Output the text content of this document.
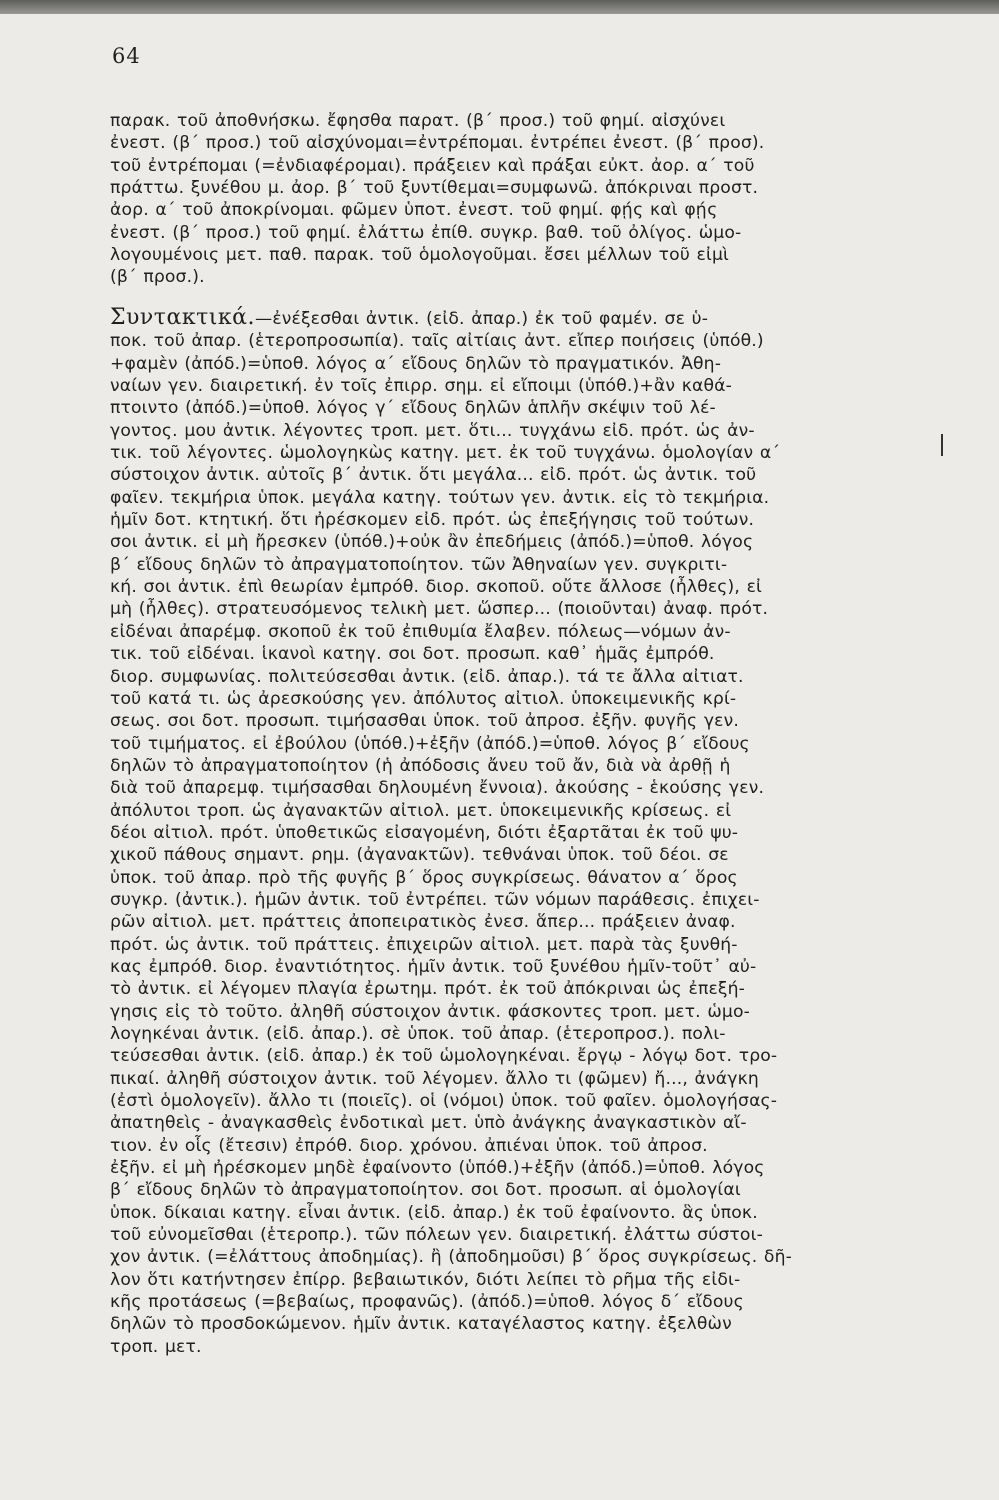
64
παρακ. τοῦ ἀποθνήσκω. ἔφησθα παρατ. (β΄ προσ.) τοῦ φημί. αἰσχύνει
ἐνεστ. (β΄ προσ.) τοῦ αἰσχύνομαι=ἐντρέπομαι. ἐντρέπει ἐνεστ. (β΄ προσ).
τοῦ ἐντρέπομαι (=ἐνδιαφέρομαι). πράξειεν καὶ πράξαι εὐκτ. ἀορ. α΄ τοῦ
πράττω. ξυνέθου μ. ἀορ. β΄ τοῦ ξυντίθεμαι=συμφωνῶ. ἀπόκριναι προστ.
ἀορ. α΄ τοῦ ἀποκρίνομαι. φῶμεν ὑποτ. ἐνεστ. τοῦ φημί. φῄς καὶ φῄς
ἐνεστ. (β΄ προσ.) τοῦ φημί. ἐλάττω ἐπίθ. συγκρ. βαθ. τοῦ ὀλίγος. ὡμο-
λογουμένοις μετ. παθ. παρακ. τοῦ ὁμολογοῦμαι. ἔσει μέλλων τοῦ εἰμὶ
(β΄ προσ.).
Συντακτικά.—ἐνέξεσθαι ἀντικ. (εἰδ. ἀπαρ.) ἐκ τοῦ φαμέν. σε ὑ-
ποκ. τοῦ ἀπαρ. (ἑτεροπροσωπία). ταῖς αἰτίαις ἀντ. εἴπερ ποιήσεις (ὑπόθ.)
+φαμὲν (ἀπόδ.)=ὑποθ. λόγος α΄ εἴδους δηλῶν τὸ πραγματικόν. Ἀθη-
ναίων γεν. διαιρετική. ἐν τοῖς ἐπιρρ. σημ. εἰ εἴποιμι (ὑπόθ.)+ἂν καθά-
πτοιντο (ἀπόδ.)=ὑποθ. λόγος γ΄ εἴδους δηλῶν ἁπλῆν σκέψιν τοῦ λέ-
γοντος. μου ἀντικ. λέγοντες τροπ. μετ. ὅτι... τυγχάνω εἰδ. πρότ. ὡς ἀν-
τικ. τοῦ λέγοντες. ὡμολογηκὼς κατηγ. μετ. ἐκ τοῦ τυγχάνω. ὁμολογίαν α΄
σύστοιχον ἀντικ. αὐτοῖς β΄ ἀντικ. ὅτι μεγάλα... εἰδ. πρότ. ὡς ἀντικ. τοῦ
φαῖεν. τεκμήρια ὑποκ. μεγάλα κατηγ. τούτων γεν. ἀντικ. εἰς τὸ τεκμήρια.
ἡμῖν δοτ. κτητική. ὅτι ἠρέσκομεν εἰδ. πρότ. ὡς ἐπεξήγησις τοῦ τούτων.
σοι ἀντικ. εἰ μὴ ἤρεσκεν (ὑπόθ.)+οὐκ ἂν ἐπεδήμεις (ἀπόδ.)=ὑποθ. λόγος
β΄ εἴδους δηλῶν τὸ ἀπραγματοποίητον. τῶν Ἀθηναίων γεν. συγκριτι-
κή. σοι ἀντικ. ἐπὶ θεωρίαν ἐμπρόθ. διορ. σκοποῦ. οὔτε ἄλλοσε (ἦλθες), εἰ
μὴ (ἦλθες). στρατευσόμενος τελικὴ μετ. ὥσπερ... (ποιοῦνται) ἀναφ. πρότ.
εἰδέναι ἀπαρέμφ. σκοποῦ ἐκ τοῦ ἐπιθυμία ἔλαβεν. πόλεως—νόμων ἀν-
τικ. τοῦ εἰδέναι. ἱκανοὶ κατηγ. σοι δοτ. προσωπ. καθ᾿ ἡμᾶς ἐμπρόθ.
διορ. συμφωνίας. πολιτεύσεσθαι ἀντικ. (εἰδ. ἀπαρ.). τά τε ἄλλα αἰτιατ.
τοῦ κατά τι. ὡς ἀρεσκούσης γεν. ἀπόλυτος αἰτιολ. ὑποκειμενικῆς κρί-
σεως. σοι δοτ. προσωπ. τιμήσασθαι ὑποκ. τοῦ ἀπροσ. ἐξῆν. φυγῆς γεν.
τοῦ τιμήματος. εἰ ἐβούλου (ὑπόθ.)+ἐξῆν (ἀπόδ.)=ὑποθ. λόγος β΄ εἴδους
δηλῶν τὸ ἀπραγματοποίητον (ἡ ἀπόδοσις ἄνευ τοῦ ἄν, διὰ νὰ ἀρθῇ ἡ
διὰ τοῦ ἀπαρεμφ. τιμήσασθαι δηλουμένη ἔννοια). ἀκούσης - ἑκούσης γεν.
ἀπόλυτοι τροπ. ὡς ἀγανακτῶν αἰτιολ. μετ. ὑποκειμενικῆς κρίσεως. εἰ
δέοι αἰτιολ. πρότ. ὑποθετικῶς εἰσαγομένη, διότι ἐξαρτᾶται ἐκ τοῦ ψυ-
χικοῦ πάθους σημαντ. ρημ. (ἀγανακτῶν). τεθνάναι ὑποκ. τοῦ δέοι. σε
ὑποκ. τοῦ ἀπαρ. πρὸ τῆς φυγῆς β΄ ὅρος συγκρίσεως. θάνατον α΄ ὅρος
συγκρ. (ἀντικ.). ἡμῶν ἀντικ. τοῦ ἐντρέπει. τῶν νόμων παράθεσις. ἐπιχει-
ρῶν αἰτιολ. μετ. πράττεις ἀποπειρατικὸς ἐνεσ. ἅπερ... πράξειεν ἀναφ.
πρότ. ὡς ἀντικ. τοῦ πράττεις. ἐπιχειρῶν αἰτιολ. μετ. παρὰ τὰς ξυνθή-
κας ἐμπρόθ. διορ. ἐναντιότητος. ἡμῖν ἀντικ. τοῦ ξυνέθου ἡμῖν-τοῦτ᾿ αὐ-
τὸ ἀντικ. εἰ λέγομεν πλαγία ἐρωτημ. πρότ. ἐκ τοῦ ἀπόκριναι ὡς ἐπεξή-
γησις εἰς τὸ τοῦτο. ἀληθῆ σύστοιχον ἀντικ. φάσκοντες τροπ. μετ. ὡμο-
λογηκέναι ἀντικ. (εἰδ. ἀπαρ.). σὲ ὑποκ. τοῦ ἀπαρ. (ἑτεροπροσ.). πολι-
τεύσεσθαι ἀντικ. (εἰδ. ἀπαρ.) ἐκ τοῦ ὡμολογηκέναι. ἔργῳ - λόγῳ δοτ. τρο-
πικαί. ἀληθῆ σύστοιχον ἀντικ. τοῦ λέγομεν. ἄλλο τι (φῶμεν) ἤ..., ἀνάγκη
(ἐστὶ ὁμολογεῖν). ἄλλο τι (ποιεῖς). οἱ (νόμοι) ὑποκ. τοῦ φαῖεν. ὁμολογήσας-
ἀπατηθεὶς - ἀναγκασθεὶς ἐνδοτικαὶ μετ. ὑπὸ ἀνάγκης ἀναγκαστικὸν αἴ-
τιον. ἐν οἷς (ἔτεσιν) ἐπρόθ. διορ. χρόνου. ἀπιέναι ὑποκ. τοῦ ἀπροσ.
ἐξῆν. εἰ μὴ ἠρέσκομεν μηδὲ ἐφαίνοντο (ὑπόθ.)+ἐξῆν (ἀπόδ.)=ὑποθ. λόγος
β΄ εἴδους δηλῶν τὸ ἀπραγματοποίητον. σοι δοτ. προσωπ. αἱ ὁμολογίαι
ὑποκ. δίκαιαι κατηγ. εἶναι ἀντικ. (εἰδ. ἀπαρ.) ἐκ τοῦ ἐφαίνοντο. ἃς ὑποκ.
τοῦ εὐνομεῖσθαι (ἑτεροπρ.). τῶν πόλεων γεν. διαιρετική. ἐλάττω σύστοι-
χον ἀντικ. (=ἐλάττους ἀποδημίας). ἢ (ἀποδημοῦσι) β΄ ὅρος συγκρίσεως. δῆ-
λον ὅτι κατήντησεν ἐπίρρ. βεβαιωτικόν, διότι λείπει τὸ ρῆμα τῆς εἰδι-
κῆς προτάσεως (=βεβαίως, προφανῶς). (ἀπόδ.)=ὑποθ. λόγος δ΄ εἴδους
δηλῶν τὸ προσδοκώμενον. ἡμῖν ἀντικ. καταγέλαστος κατηγ. ἐξελθὼν
τροπ. μετ.
